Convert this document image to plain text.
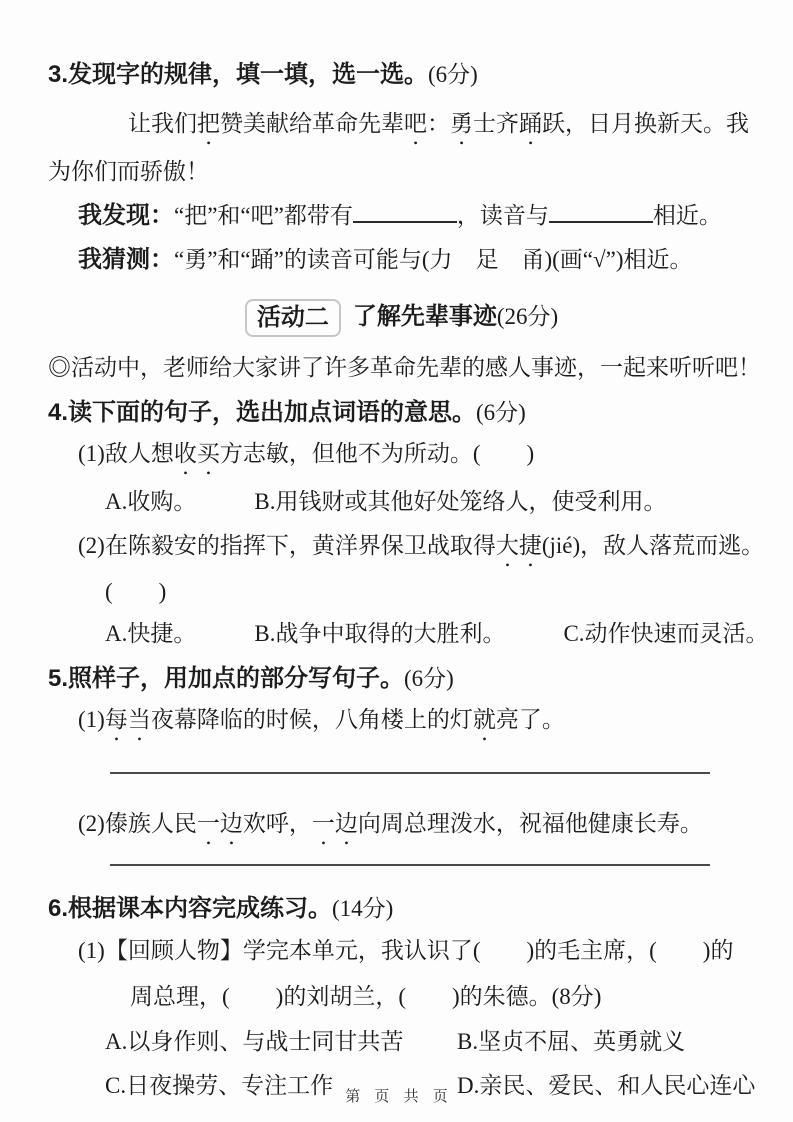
3.发现字的规律，填一填，选一选。(6分)
让我们把赞美献给革命先辈吧：勇士齐踊跃，日月换新天。我
为你们而骄傲！
我发现：“把”和“吧”都带有	，读音与	相近。
我猜测：“勇”和“踊”的读音可能与(力　足　甬)(画“√”)相近。
活动二 了解先辈事迹(26分)
◎活动中，老师给大家讲了许多革命先辈的感人事迹，一起来听听吧！
4.读下面的句子，选出加点词语的意思。(6分)
(1)敌人想收买方志敏，但他不为所动。(　　)
A.收购。	B.用钱财或其他好处笼络人，使受利用。
(2)在陈毅安的指挥下，黄洋界保卫战取得大捷(jié)，敌人落荒而逃。
(　　)
A.快捷。	B.战争中取得的大胜利。	C.动作快速而灵活。
5.照样子，用加点的部分写句子。(6分)
(1)每当夜幕降临的时候，八角楼上的灯就亮了。
(2)傣族人民一边欢呼，一边向周总理泼水，祝福他健康长寿。
6.根据课本内容完成练习。(14分)
(1)【回顾人物】学完本单元，我认识了(　　)的毛主席，(　　)的
周总理，(　　)的刘胡兰，(　　)的朱德。(8分)
A.以身作则、与战士同甘共苦	B.坚贞不屈、英勇就义
C.日夜操劳、专注工作	D.亲民、爱民、和人民心连心
第 页 共 页
